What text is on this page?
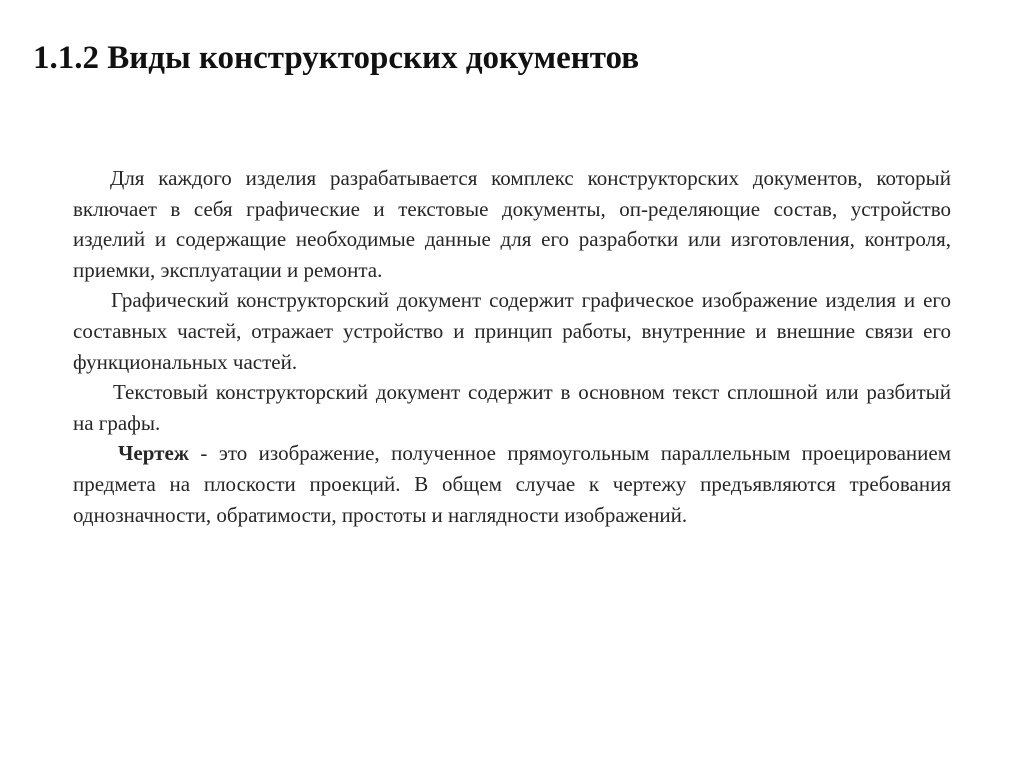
1.1.2 Виды конструкторских документов

Для каждого изделия разрабатывается комплекс конструкторских документов, который включает в себя графические и текстовые документы, оп-ределяющие состав, устройство изделий и содержащие необходимые данные для его разработки или изготовления, контроля, приемки, эксплуатации и ремонта.

Графический конструкторский документ содержит графическое изображение изделия и его составных частей, отражает устройство и принцип работы, внутренние и внешние связи его функциональных частей.

Текстовый конструкторский документ содержит в основном текст сплошной или разбитый на графы.

Чертеж - это изображение, полученное прямоугольным параллельным проецированием предмета на плоскости проекций. В общем случае к чертежу предъявляются требования однозначности, обратимости, простоты и наглядности изображений.
